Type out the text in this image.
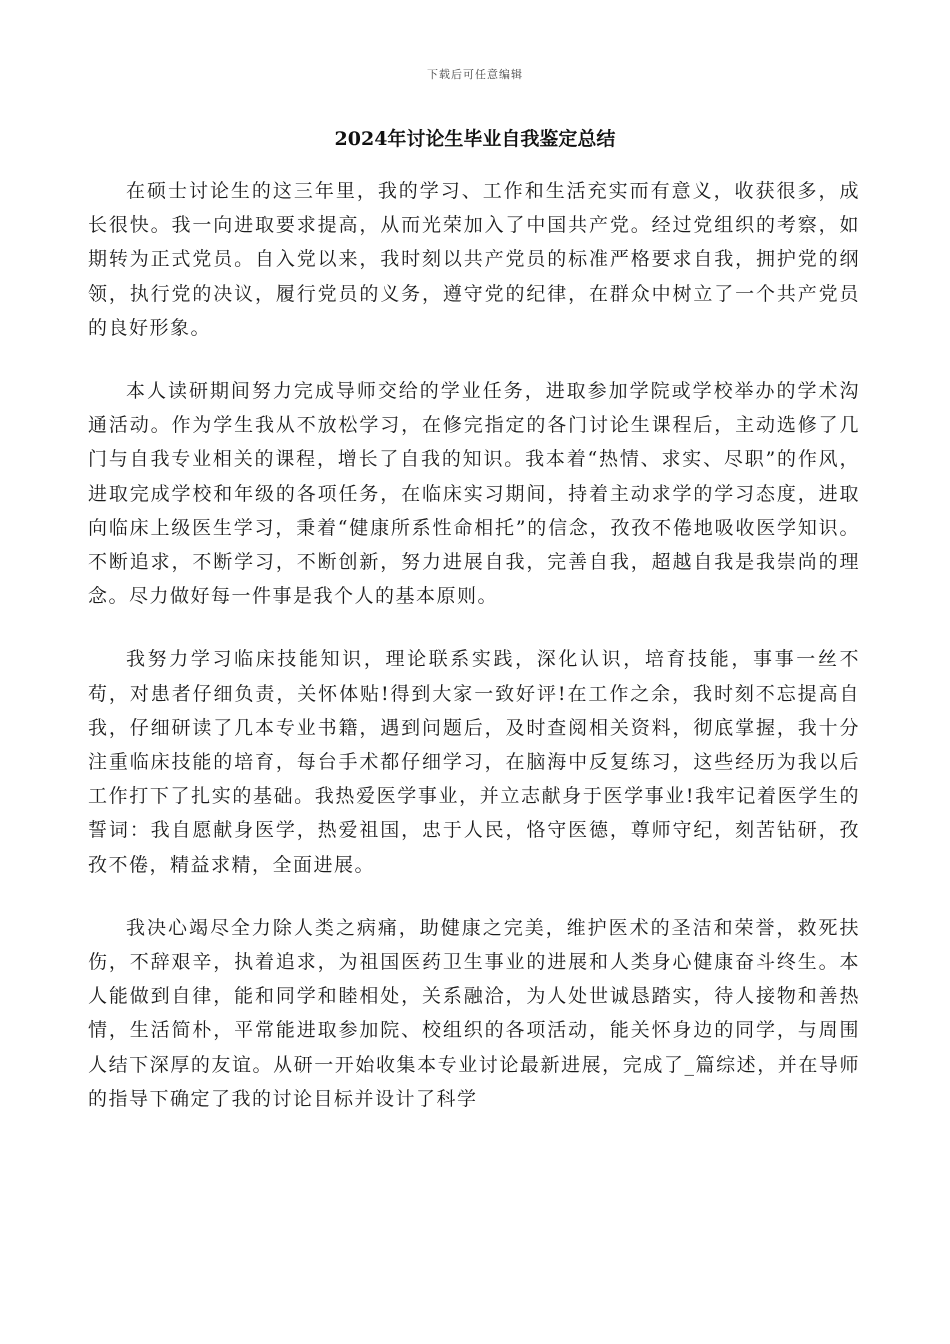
下载后可任意编辑
2024年讨论生毕业自我鉴定总结

在硕士讨论生的这三年里，我的学习、工作和生活充实而有意义，收获很多，成长很快。我一向进取要求提高，从而光荣加入了中国共产党。经过党组织的考察，如期转为正式党员。自入党以来，我时刻以共产党员的标准严格要求自我，拥护党的纲领，执行党的决议，履行党员的义务，遵守党的纪律，在群众中树立了一个共产党员的良好形象。

本人读研期间努力完成导师交给的学业任务，进取参加学院或学校举办的学术沟通活动。作为学生我从不放松学习，在修完指定的各门讨论生课程后，主动选修了几门与自我专业相关的课程，增长了自我的知识。我本着“热情、求实、尽职”的作风，进取完成学校和年级的各项任务，在临床实习期间，持着主动求学的学习态度，进取向临床上级医生学习，秉着“健康所系性命相托”的信念，孜孜不倦地吸收医学知识。不断追求，不断学习，不断创新，努力进展自我，完善自我，超越自我是我崇尚的理念。尽力做好每一件事是我个人的基本原则。

我努力学习临床技能知识，理论联系实践，深化认识，培育技能，事事一丝不苟，对患者仔细负责，关怀体贴!得到大家一致好评!在工作之余，我时刻不忘提高自我，仔细研读了几本专业书籍，遇到问题后，及时查阅相关资料，彻底掌握，我十分注重临床技能的培育，每台手术都仔细学习，在脑海中反复练习，这些经历为我以后工作打下了扎实的基础。我热爱医学事业，并立志献身于医学事业!我牢记着医学生的誓词：我自愿献身医学，热爱祖国，忠于人民，恪守医德，尊师守纪，刻苦钻研，孜孜不倦，精益求精，全面进展。

我决心竭尽全力除人类之病痛，助健康之完美，维护医术的圣洁和荣誉，救死扶伤，不辞艰辛，执着追求，为祖国医药卫生事业的进展和人类身心健康奋斗终生。本人能做到自律，能和同学和睦相处，关系融洽，为人处世诚恳踏实，待人接物和善热情，生活简朴，平常能进取参加院、校组织的各项活动，能关怀身边的同学，与周围人结下深厚的友谊。从研一开始收集本专业讨论最新进展，完成了_篇综述，并在导师的指导下确定了我的讨论目标并设计了科学
